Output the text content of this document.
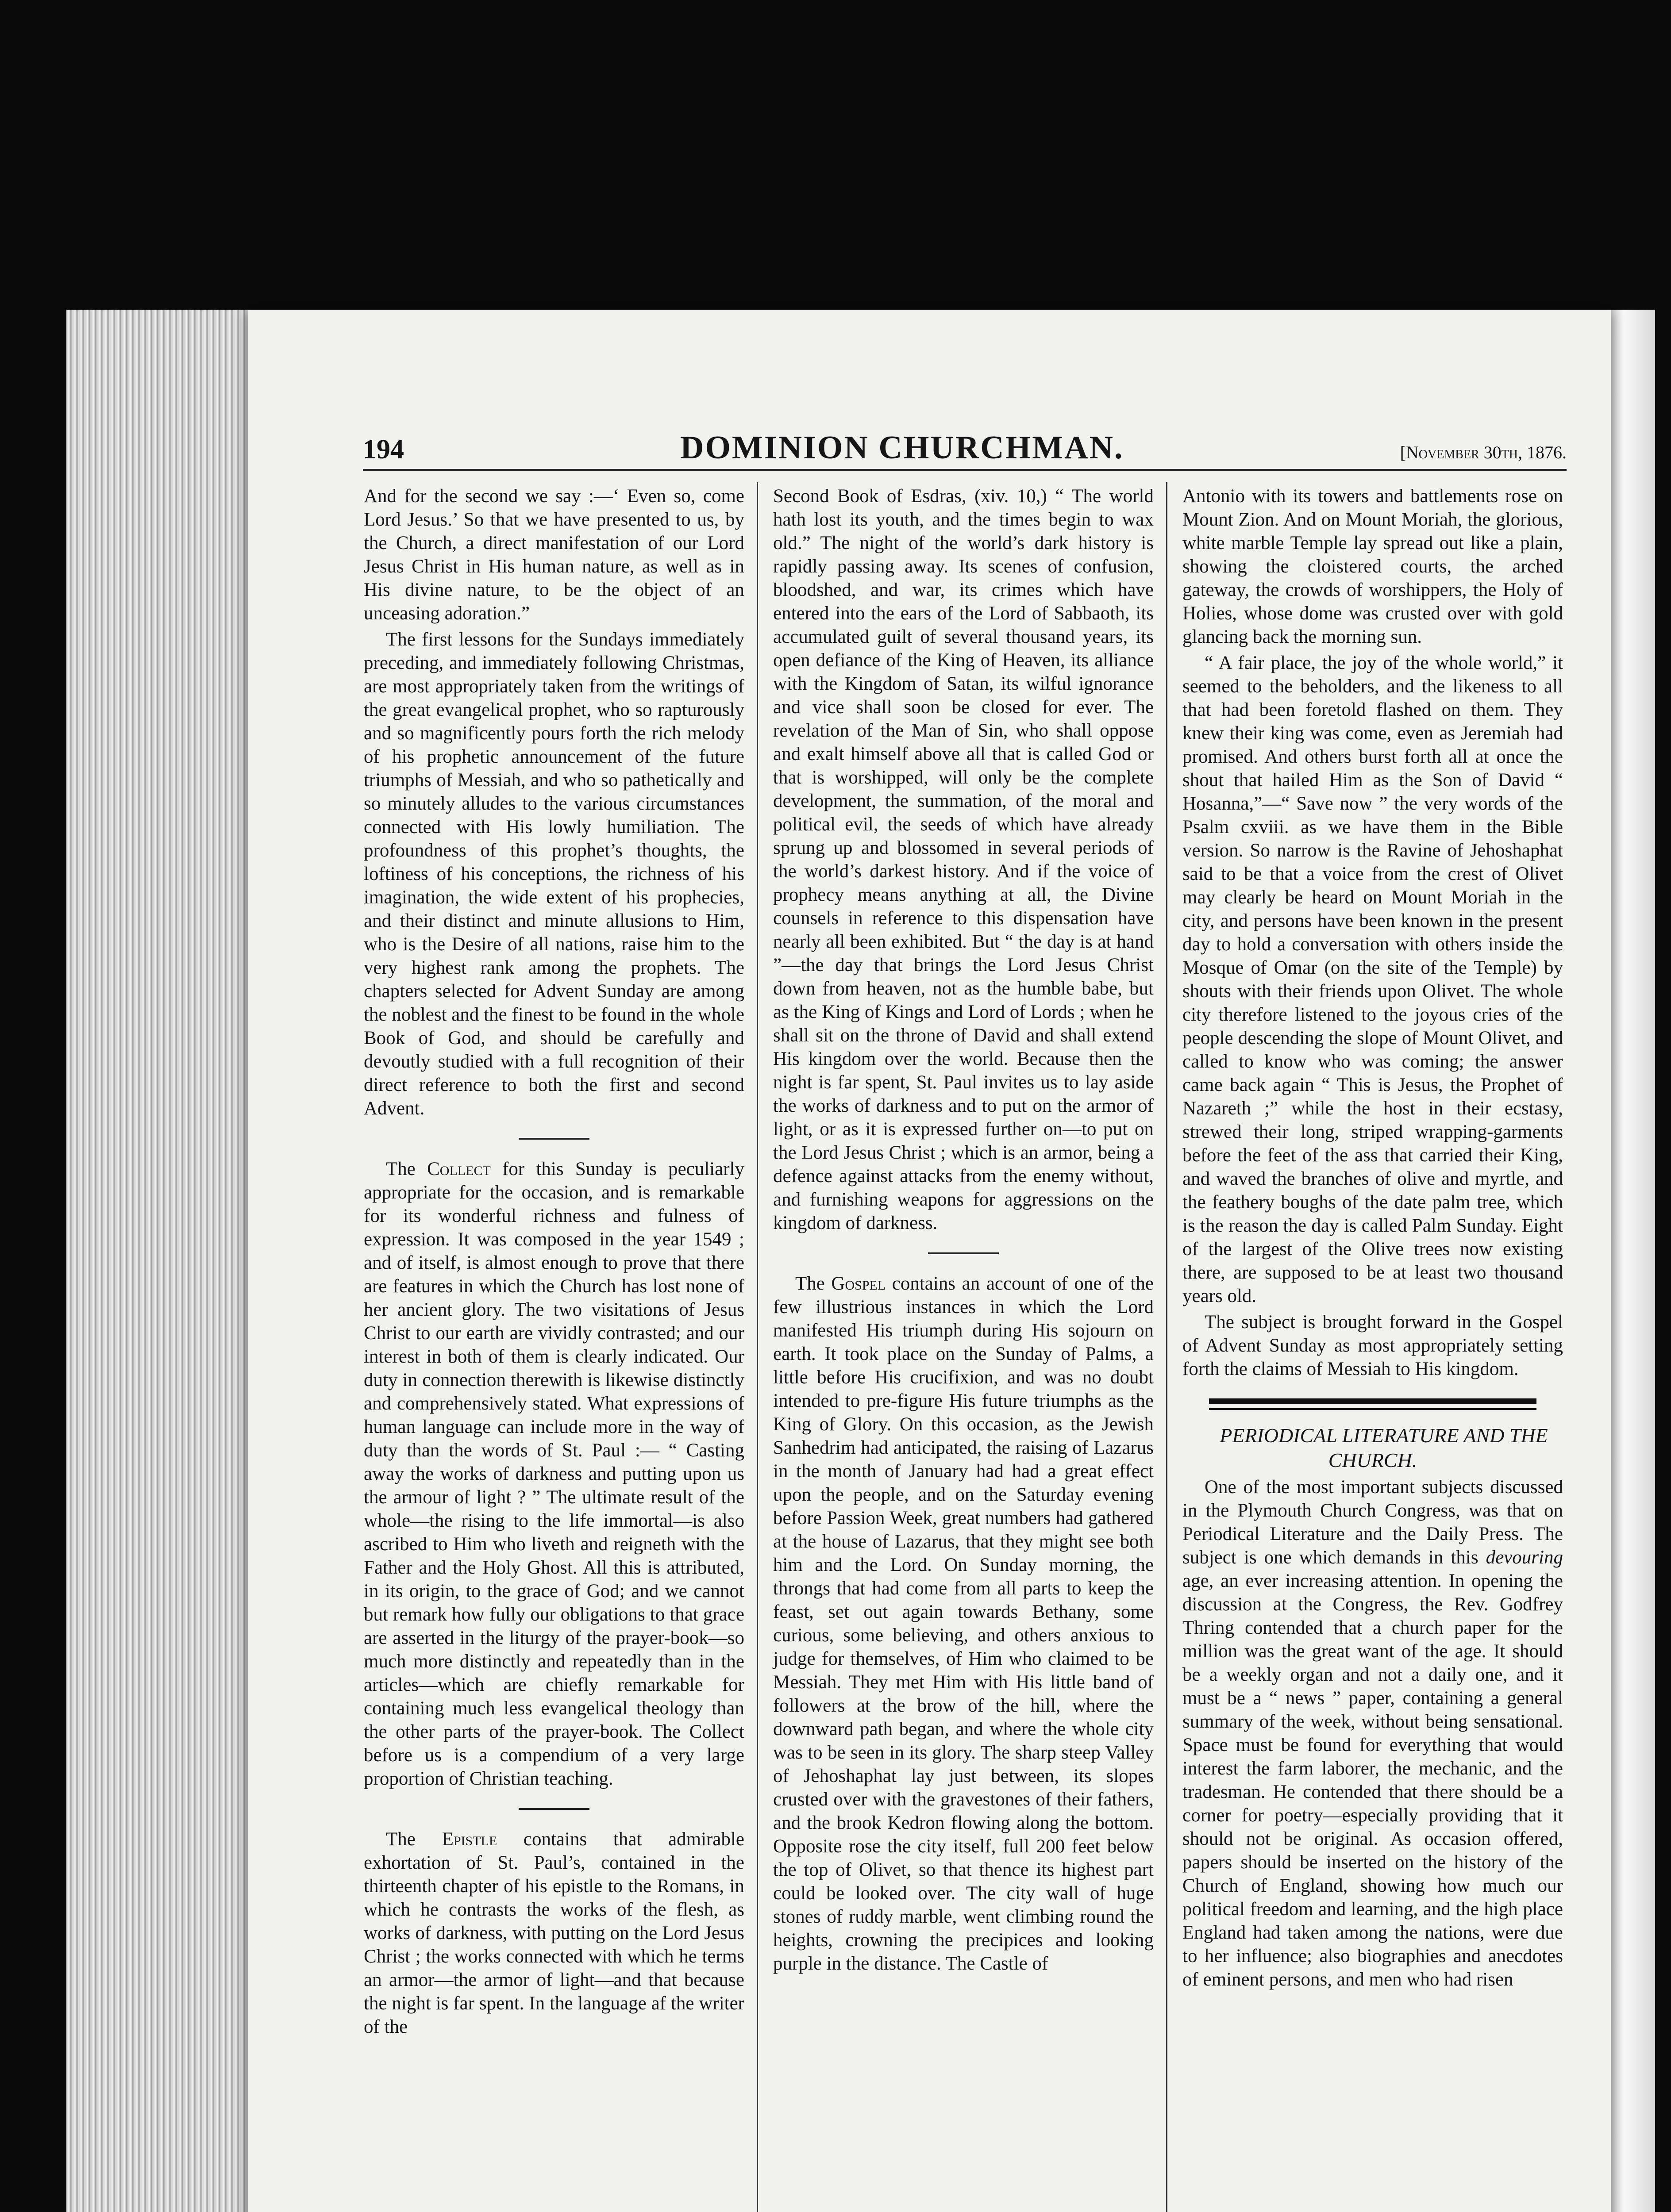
194	DOMINION CHURCHMAN.	[November 30th, 1876.

And for the second we say :—‘ Even so, come Lord Jesus.’ So that we have presented to us, by the Church, a direct manifestation of our Lord Jesus Christ in His human nature, as well as in His divine nature, to be the object of an unceasing adoration.”

The first lessons for the Sundays immediately preceding, and immediately following Christmas, are most appropriately taken from the writings of the great evangelical prophet, who so rapturously and so magnificently pours forth the rich melody of his prophetic announcement of the future triumphs of Messiah, and who so pathetically and so minutely alludes to the various circumstances connected with His lowly humiliation. The profoundness of this prophet’s thoughts, the loftiness of his conceptions, the richness of his imagination, the wide extent of his prophecies, and their distinct and minute allusions to Him, who is the Desire of all nations, raise him to the very highest rank among the prophets. The chapters selected for Advent Sunday are among the noblest and the finest to be found in the whole Book of God, and should be carefully and devoutly studied with a full recognition of their direct reference to both the first and second Advent.

The Collect for this Sunday is peculiarly appropriate for the occasion, and is remarkable for its wonderful richness and fulness of expression. It was composed in the year 1549 ; and of itself, is almost enough to prove that there are features in which the Church has lost none of her ancient glory. The two visitations of Jesus Christ to our earth are vividly contrasted; and our interest in both of them is clearly indicated. Our duty in connection therewith is likewise distinctly and comprehensively stated. What expressions of human language can include more in the way of duty than the words of St. Paul :— “ Casting away the works of darkness and putting upon us the armour of light ? ” The ultimate result of the whole—the rising to the life immortal—is also ascribed to Him who liveth and reigneth with the Father and the Holy Ghost. All this is attributed, in its origin, to the grace of God; and we cannot but remark how fully our obligations to that grace are asserted in the liturgy of the prayer-book—so much more distinctly and repeatedly than in the articles—which are chiefly remarkable for containing much less evangelical theology than the other parts of the prayer-book. The Collect before us is a compendium of a very large proportion of Christian teaching.

The Epistle contains that admirable exhortation of St. Paul’s, contained in the thirteenth chapter of his epistle to the Romans, in which he contrasts the works of the flesh, as works of darkness, with putting on the Lord Jesus Christ ; the works connected with which he terms an armor—the armor of light—and that because the night is far spent. In the language af the writer of the

Second Book of Esdras, (xiv. 10,) “ The world hath lost its youth, and the times begin to wax old.” The night of the world’s dark history is rapidly passing away. Its scenes of confusion, bloodshed, and war, its crimes which have entered into the ears of the Lord of Sabbaoth, its accumulated guilt of several thousand years, its open defiance of the King of Heaven, its alliance with the Kingdom of Satan, its wilful ignorance and vice shall soon be closed for ever. The revelation of the Man of Sin, who shall oppose and exalt himself above all that is called God or that is worshipped, will only be the complete development, the summation, of the moral and political evil, the seeds of which have already sprung up and blossomed in several periods of the world’s darkest history. And if the voice of prophecy means anything at all, the Divine counsels in reference to this dispensation have nearly all been exhibited. But “ the day is at hand ”—the day that brings the Lord Jesus Christ down from heaven, not as the humble babe, but as the King of Kings and Lord of Lords ; when he shall sit on the throne of David and shall extend His kingdom over the world. Because then the night is far spent, St. Paul invites us to lay aside the works of darkness and to put on the armor of light, or as it is expressed further on—to put on the Lord Jesus Christ ; which is an armor, being a defence against attacks from the enemy without, and furnishing weapons for aggressions on the kingdom of darkness.

The Gospel contains an account of one of the few illustrious instances in which the Lord manifested His triumph during His sojourn on earth. It took place on the Sunday of Palms, a little before His crucifixion, and was no doubt intended to pre-figure His future triumphs as the King of Glory. On this occasion, as the Jewish Sanhedrim had anticipated, the raising of Lazarus in the month of January had had a great effect upon the people, and on the Saturday evening before Passion Week, great numbers had gathered at the house of Lazarus, that they might see both him and the Lord. On Sunday morning, the throngs that had come from all parts to keep the feast, set out again towards Bethany, some curious, some believing, and others anxious to judge for themselves, of Him who claimed to be Messiah. They met Him with His little band of followers at the brow of the hill, where the downward path began, and where the whole city was to be seen in its glory. The sharp steep Valley of Jehoshaphat lay just between, its slopes crusted over with the gravestones of their fathers, and the brook Kedron flowing along the bottom. Opposite rose the city itself, full 200 feet below the top of Olivet, so that thence its highest part could be looked over. The city wall of huge stones of ruddy marble, went climbing round the heights, crowning the precipices and looking purple in the distance. The Castle of

Antonio with its towers and battlements rose on Mount Zion. And on Mount Moriah, the glorious, white marble Temple lay spread out like a plain, showing the cloistered courts, the arched gateway, the crowds of worshippers, the Holy of Holies, whose dome was crusted over with gold glancing back the morning sun.

“ A fair place, the joy of the whole world,” it seemed to the beholders, and the likeness to all that had been foretold flashed on them. They knew their king was come, even as Jeremiah had promised. And others burst forth all at once the shout that hailed Him as the Son of David “ Hosanna,”—“ Save now ” the very words of the Psalm cxviii. as we have them in the Bible version. So narrow is the Ravine of Jehoshaphat said to be that a voice from the crest of Olivet may clearly be heard on Mount Moriah in the city, and persons have been known in the present day to hold a conversation with others inside the Mosque of Omar (on the site of the Temple) by shouts with their friends upon Olivet. The whole city therefore listened to the joyous cries of the people descending the slope of Mount Olivet, and called to know who was coming; the answer came back again “ This is Jesus, the Prophet of Nazareth ;” while the host in their ecstasy, strewed their long, striped wrapping-garments before the feet of the ass that carried their King, and waved the branches of olive and myrtle, and the feathery boughs of the date palm tree, which is the reason the day is called Palm Sunday. Eight of the largest of the Olive trees now existing there, are supposed to be at least two thousand years old.

The subject is brought forward in the Gospel of Advent Sunday as most appropriately setting forth the claims of Messiah to His kingdom.

PERIODICAL LITERATURE AND THE CHURCH.

One of the most important subjects discussed in the Plymouth Church Congress, was that on Periodical Literature and the Daily Press. The subject is one which demands in this devouring age, an ever increasing attention. In opening the discussion at the Congress, the Rev. Godfrey Thring contended that a church paper for the million was the great want of the age. It should be a weekly organ and not a daily one, and it must be a “ news ” paper, containing a general summary of the week, without being sensational. Space must be found for everything that would interest the farm laborer, the mechanic, and the tradesman. He contended that there should be a corner for poetry—especially providing that it should not be original. As occasion offered, papers should be inserted on the history of the Church of England, showing how much our political freedom and learning, and the high place England had taken among the nations, were due to her influence; also biographies and anecdotes of eminent persons, and men who had risen
